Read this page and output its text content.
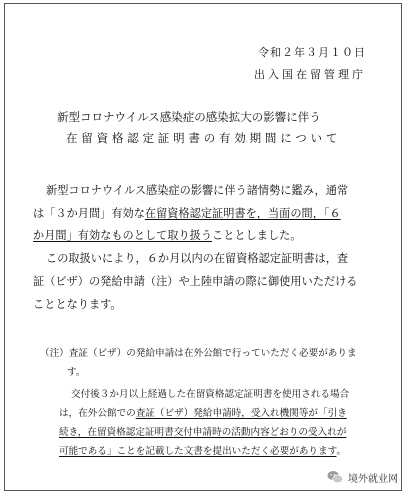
令和２年３月１０日
出入国在留管理庁
新型コロナウイルス感染症の感染拡大の影響に伴う
在留資格認定証明書の有効期間について
新型コロナウイルス感染症の影響に伴う諸情勢に鑑み，通常
は「３か月間」有効な在留資格認定証明書を，当面の間，「６
か月間」有効なものとして取り扱うこととしました。
この取扱いにより，６か月以内の在留資格認定証明書は，査
証（ビザ）の発給申請（注）や上陸申請の際に御使用いただける
こととなります。
（注）査証（ビザ）の発給申請は在外公館で行っていただく必要がありま
す。
交付後３か月以上経過した在留資格認定証明書を使用される場合
は，在外公館での査証（ビザ）発給申請時，受入れ機関等が「引き
続き，在留資格認定証明書交付申請時の活動内容どおりの受入れが
可能である」ことを記載した文書を提出いただく必要があります。
境外就业网
